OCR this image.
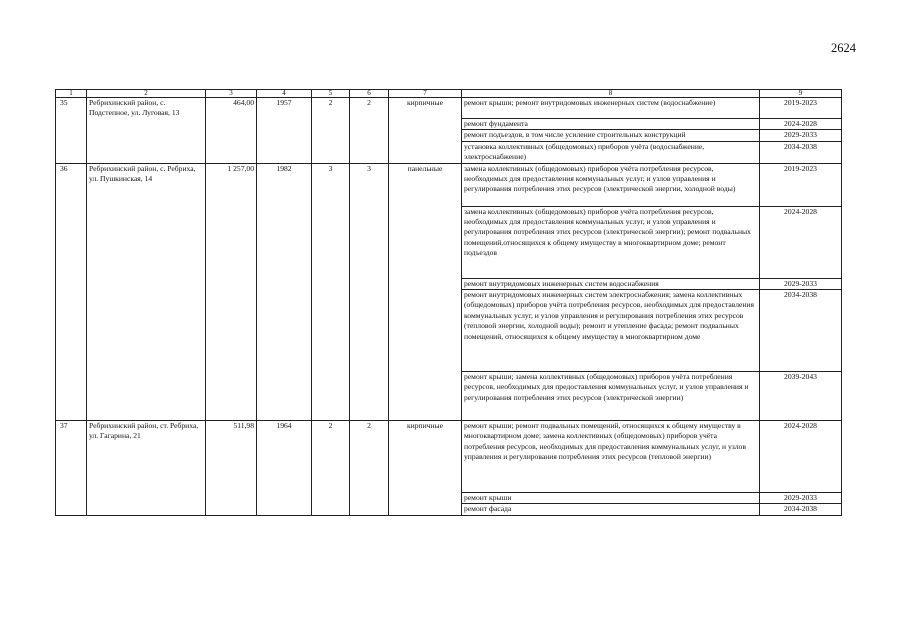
2624
1	2	3	4	5	6	7	8	9
35	Ребрихинский район, с. Подстепное, ул. Луговая, 13	464,00	1957	2	2	кирпичные	ремонт крыши; ремонт внутридомовых инженерных систем (водоснабжение)	2019-2023
							ремонт фундамента	2024-2028
							ремонт подъездов, в том числе усиление строительных конструкций	2029-2033
							установка коллективных (общедомовых) приборов учёта (водоснабжение, электроснабжение)	2034-2038
36	Ребрихинский район, с. Ребриха, ул. Пушкинская, 14	1 257,00	1982	3	3	панельные	замена коллективных (общедомовых) приборов учёта потребления ресурсов, необходимых для предоставления коммунальных услуг, и узлов управления и регулирования потребления этих ресурсов (электрической энергии, холодной воды)	2019-2023
							замена коллективных (общедомовых) приборов учёта потребления ресурсов, необходимых для предоставления коммунальных услуг, и узлов управления и регулирования потребления этих ресурсов (электрической энергии); ремонт подвальных помещений,относящихся к общему имуществу в многоквартирном доме; ремонт подъездов	2024-2028
							ремонт внутридомовых инженерных систем водоснабжения	2029-2033
							ремонт внутридомовых инженерных систем электроснабжения; замена коллективных (общедомовых) приборов учёта потребления ресурсов, необходимых для предоставления коммунальных услуг, и узлов управления и регулирования потребления этих ресурсов (тепловой энергии, холодной воды); ремонт и утепление фасада; ремонт подвальных помещений, относящихся к общему имуществу в многоквартирном доме	2034-2038
							ремонт крыши; замена коллективных (общедомовых) приборов учёта потребления ресурсов, необходимых для предоставления коммунальных услуг, и узлов управления и регулирования потребления этих ресурсов (электрической энергии)	2039-2043
37	Ребрихинский район, ст. Ребриха, ул. Гагарина, 21	511,98	1964	2	2	кирпичные	ремонт крыши; ремонт подвальных помещений, относящихся к общему имуществу в многоквартирном доме; замена коллективных (общедомовых) приборов учёта потребления ресурсов, необходимых для предоставления коммунальных услуг, и узлов управления и регулирования потребления этих ресурсов (тепловой энергии)	2024-2028
							ремонт крыши	2029-2033
							ремонт фасада	2034-2038
